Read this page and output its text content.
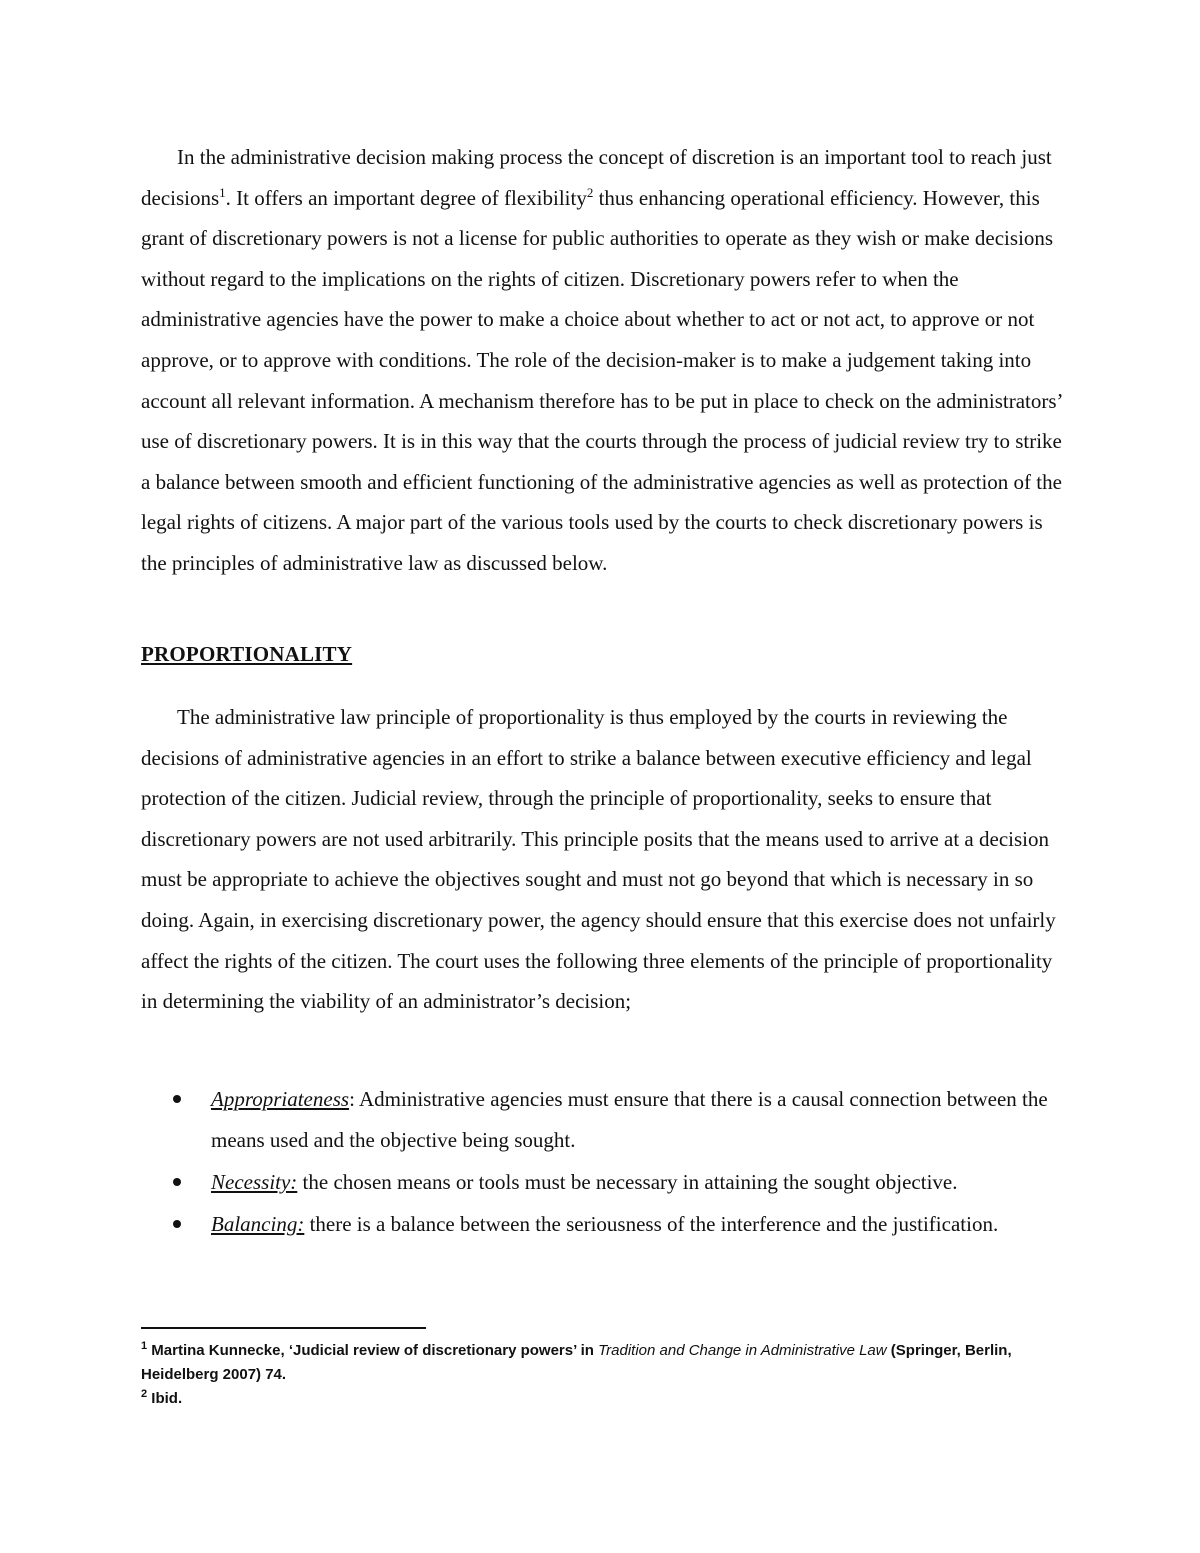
In the administrative decision making process the concept of discretion is an important tool to reach just decisions$^1$. It offers an important degree of flexibility$^2$ thus enhancing operational efficiency. However, this grant of discretionary powers is not a license for public authorities to operate as they wish or make decisions without regard to the implications on the rights of citizen. Discretionary powers refer to when the administrative agencies have the power to make a choice about whether to act or not act, to approve or not approve, or to approve with conditions. The role of the decision-maker is to make a judgement taking into account all relevant information. A mechanism therefore has to be put in place to check on the administrators’ use of discretionary powers. It is in this way that the courts through the process of judicial review try to strike a balance between smooth and efficient functioning of the administrative agencies as well as protection of the legal rights of citizens. A major part of the various tools used by the courts to check discretionary powers is the principles of administrative law as discussed below.

PROPORTIONALITY

The administrative law principle of proportionality is thus employed by the courts in reviewing the decisions of administrative agencies in an effort to strike a balance between executive efficiency and legal protection of the citizen. Judicial review, through the principle of proportionality, seeks to ensure that discretionary powers are not used arbitrarily. This principle posits that the means used to arrive at a decision must be appropriate to achieve the objectives sought and must not go beyond that which is necessary in so doing. Again, in exercising discretionary power, the agency should ensure that this exercise does not unfairly affect the rights of the citizen. The court uses the following three elements of the principle of proportionality in determining the viability of an administrator’s decision;

Appropriateness: Administrative agencies must ensure that there is a causal connection between the means used and the objective being sought.
Necessity: the chosen means or tools must be necessary in attaining the sought objective.
Balancing: there is a balance between the seriousness of the interference and the justification.

$^1$ Martina Kunnecke, ‘Judicial review of discretionary powers’ in Tradition and Change in Administrative Law (Springer, Berlin, Heidelberg 2007) 74.

$^2$ Ibid.
